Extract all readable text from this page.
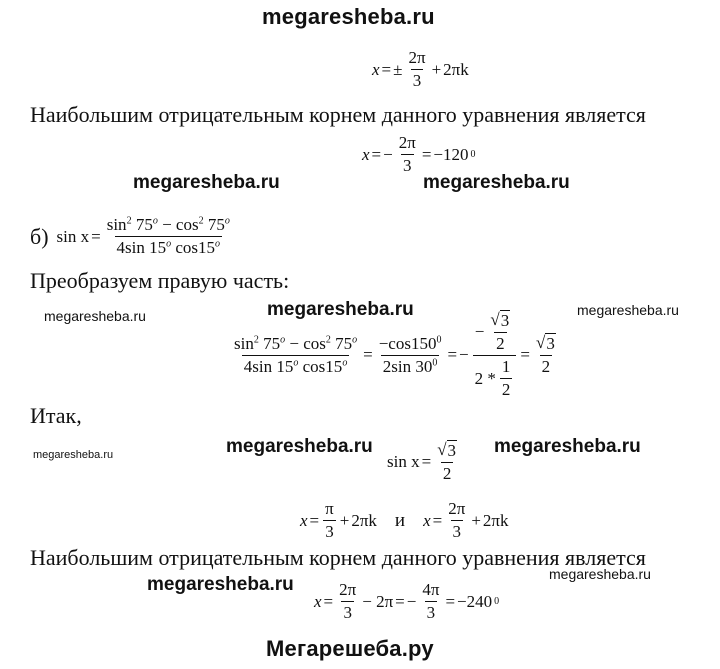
megaresheba.ru
megaresheba.ru	megaresheba.ru
megaresheba.ru
megaresheba.ru	megaresheba.ru
megaresheba.ru	megaresheba.ru
megaresheba.ru
megaresheba.ru	megaresheba.ru
Мегарешеба.ру
x = ± $\frac{2\pi}{3} + 2\pi k$
Наибольшим отрицательным корнем данного уравнения является
x = − $\frac{2\pi}{3} = -120$ 0
б) $\sin x = \frac{\sin^2 75^o - \cos^2 75^o}{4\sin 15^o \cos 15^o}$
Преобразуем правую часть:
$\frac{\sin^2 75^o - \cos^2 75^o}{4\sin 15^o \cos 15^o} = \frac{-\cos 150^0}{2\sin 30^0}$ = − $\frac{- \frac{√ 3}{2}}{2 * \frac{1}{2}} = \frac{√ 3}{2}$
Итак,
$\sin x = \frac{√ 3}{2}$
$x = \frac{\pi}{3} + 2\pi k$ и $x = \frac{2\pi}{3} + 2\pi k$
Наибольшим отрицательным корнем данного уравнения является
$x = \frac{2\pi}{3} - 2\pi$ = − $\frac{4\pi}{3} = -240$ 0
